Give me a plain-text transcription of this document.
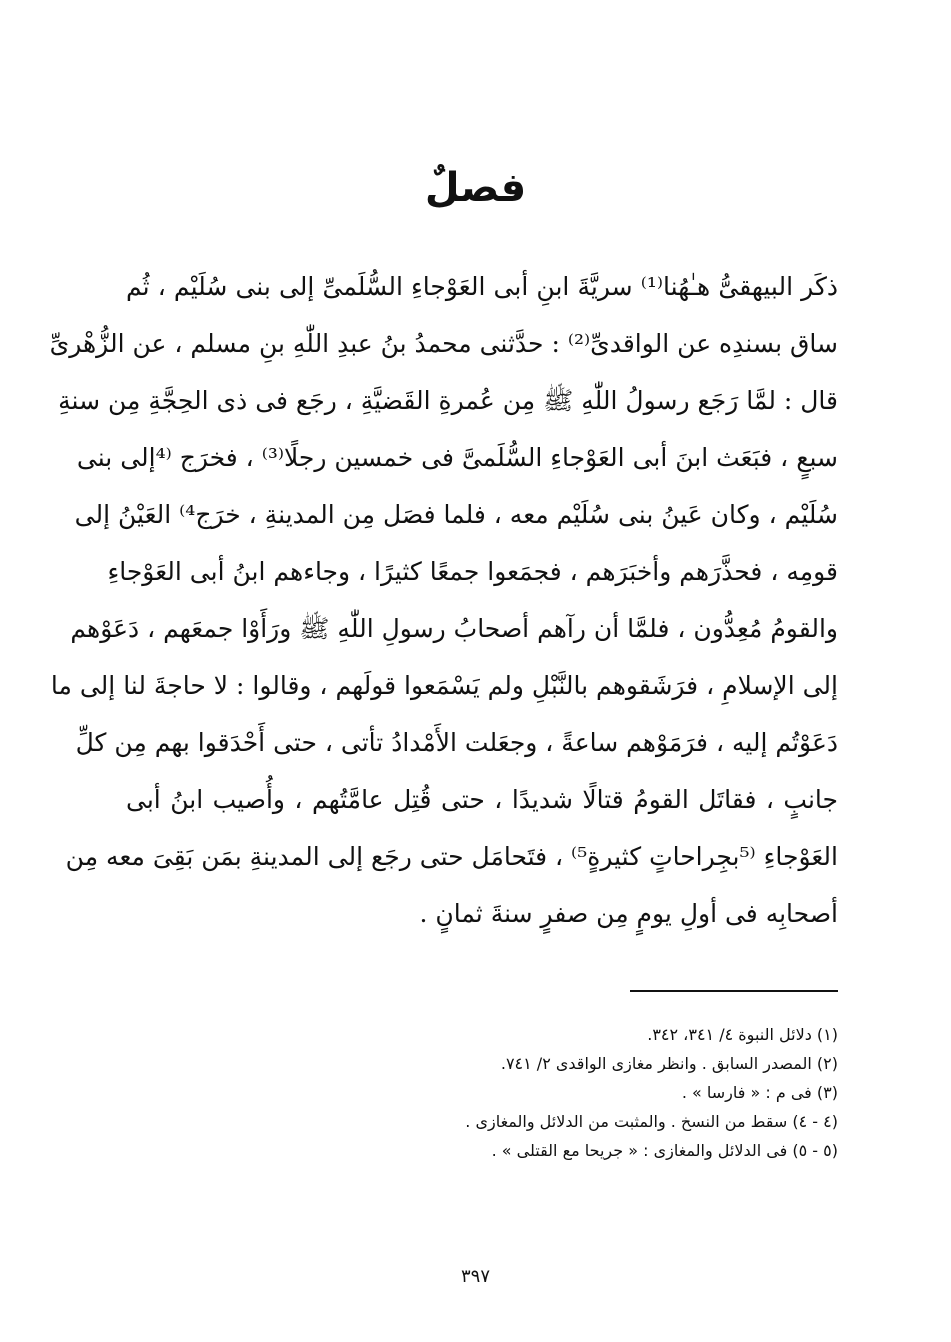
فصلٌ
ذكَر البيهقىُّ هـٰهُنا⁽¹⁾ سريَّةَ ابنِ أبى العَوْجاءِ السُّلَمىِّ إلى بنى سُلَيْم ، ثُم
ساق بسندِه عن الواقدىِّ⁽²⁾ : حدَّثنى محمدُ بنُ عبدِ اللّٰهِ بنِ مسلم ، عن الزُّهْرىِّ
قال : لمَّا رَجَع رسولُ اللّٰهِ ﷺ مِن عُمرةِ القَضيَّةِ ، رجَع فى ذى الحِجَّةِ مِن سنةِ
سبعٍ ، فبَعَث ابنَ أبى العَوْجاءِ السُّلَمىَّ فى خمسين رجلًا⁽³⁾ ، فخرَج ⁽⁴إلى بنى
سُلَيْم ، وكان عَينُ بنى سُلَيْم معه ، فلما فصَل مِن المدينةِ ، خرَج⁴⁾ العَيْنُ إلى
قومِه ، فحذَّرَهم وأخبَرَهم ، فجمَعوا جمعًا كثيرًا ، وجاءهم ابنُ أبى العَوْجاءِ
والقومُ مُعِدُّون ، فلمَّا أن رآهم أصحابُ رسولِ اللّٰهِ ﷺ ورَأَوْا جمعَهم ، دَعَوْهم
إلى الإسلامِ ، فرَشَقوهم بالنَّبْلِ ولم يَسْمَعوا قولَهم ، وقالوا : لا حاجةَ لنا إلى ما
دَعَوْتُم إليه ، فرَمَوْهم ساعةً ، وجعَلت الأَمْدادُ تأتى ، حتى أَحْدَقوا بهم مِن كلِّ
جانبٍ ، فقاتَل القومُ قتالًا شديدًا ، حتى قُتِل عامَّتُهم ، وأُصيب ابنُ أبى
العَوْجاءِ ⁽⁵بجِراحاتٍ كثيرةٍ⁵⁾ ، فتَحامَل حتى رجَع إلى المدينةِ بمَن بَقِىَ معه مِن
أصحابِه فى أولِ يومٍ مِن صفرٍ سنةَ ثمانٍ .
(١) دلائل النبوة ٤/ ٣٤١، ٣٤٢.
(٢) المصدر السابق . وانظر مغازى الواقدى ٢/ ٧٤١.
(٣) فى م : « فارسا » .
(٤ - ٤) سقط من النسخ . والمثبت من الدلائل والمغازى .
(٥ - ٥) فى الدلائل والمغازى : « جريحا مع القتلى » .
٣٩٧
